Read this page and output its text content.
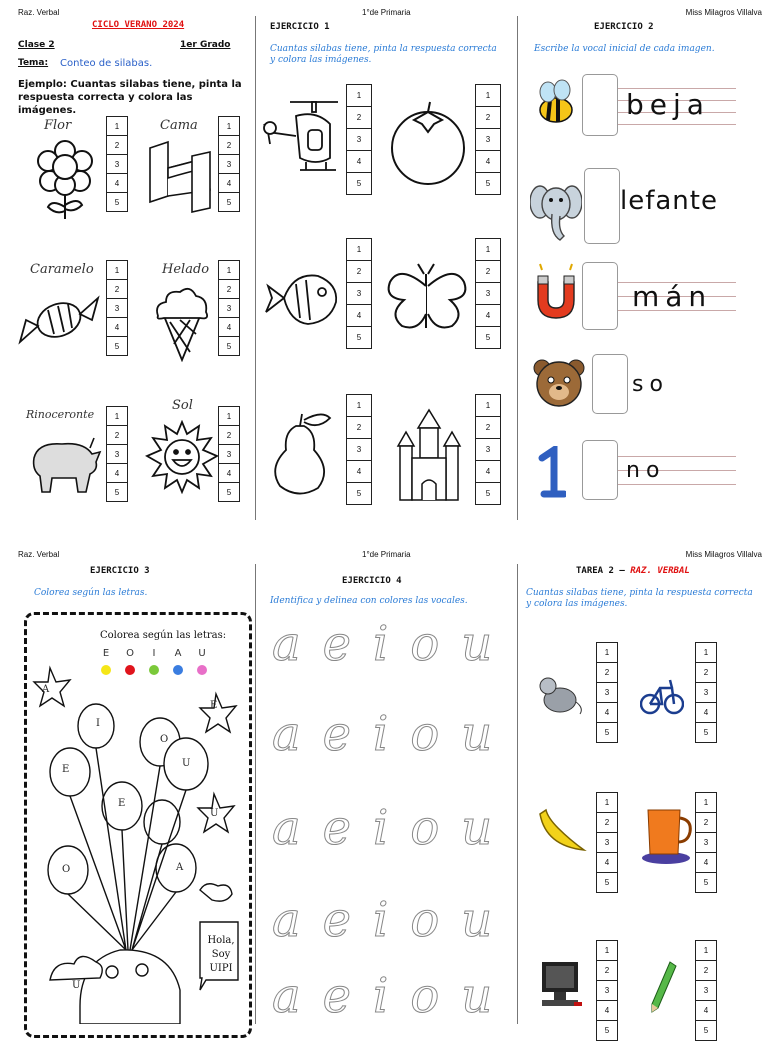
Raz. Verbal	1°de Primaria	Miss Milagros Villalva
CICLO VERANO 2024
Clase 2	1er Grado
Tema: Conteo de silabas.
Ejemplo: Cuantas silabas tiene, pinta la respuesta correcta y colora las imágenes.
Flor	Cama
Caramelo	Helado
Rinoceronte
Sol
1
2
3
4
5
1
2
3
4
5
1
2
3
4
5
1
2
3
4
5
1
2
3
4
5
1
2
3
4
5
EJERCICIO 1
Cuantas silabas tiene, pinta la respuesta correcta y colora las imágenes.
1
2
3
4
5
1
2
3
4
5
1
2
3
4
5
1
2
3
4
5
1
2
3
4
5
1
2
3
4
5
EJERCICIO 2
Escribe la vocal inicial de cada imagen.
beja
lefante
mán
so
no
Raz. Verbal	1°de Primaria	Miss Milagros Villalva
EJERCICIO 3
Colorea según las letras.
Colorea según las letras:
E	O	I	A	U
I
O
E
U
E
U
O	A
A
E
U
Hola, Soy UIPI
EJERCICIO 4
Identifica y delinea con colores las vocales.
aeiou
aeiou
aeiou
aeiou
aeiou
TAREA 2 – RAZ. VERBAL
Cuantas silabas tiene, pinta la respuesta correcta y colora las imágenes.
1
2
3
4
5
1
2
3
4
5
1
2
3
4
5
1
2
3
4
5
1
2
3
4
5
1
2
3
4
5
